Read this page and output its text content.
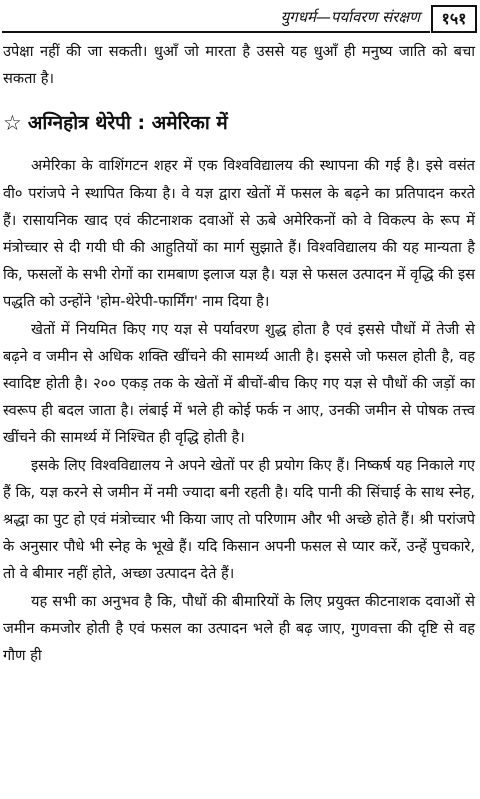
युगधर्म—पर्यावरण संरक्षण	१५१

उपेक्षा नहीं की जा सकती। धुआँ जो मारता है उससे यह धुआँ ही मनुष्य जाति को बचा सकता है।

☆ अग्निहोत्र थेरेपी : अमेरिका में

अमेरिका के वाशिंगटन शहर में एक विश्वविद्यालय की स्थापना की गई है। इसे वसंत वी० परांजपे ने स्थापित किया है। वे यज्ञ द्वारा खेतों में फसल के बढ़ने का प्रतिपादन करते हैं। रासायनिक खाद एवं कीटनाशक दवाओं से ऊबे अमेरिकनों को वे विकल्प के रूप में मंत्रोच्चार से दी गयी घी की आहुतियों का मार्ग सुझाते हैं। विश्वविद्यालय की यह मान्यता है कि, फसलों के सभी रोगों का रामबाण इलाज यज्ञ है। यज्ञ से फसल उत्पादन में वृद्धि की इस पद्धति को उन्होंने 'होम-थेरेपी-फार्मिंग' नाम दिया है।

खेतों में नियमित किए गए यज्ञ से पर्यावरण शुद्ध होता है एवं इससे पौधों में तेजी से बढ़ने व जमीन से अधिक शक्ति खींचने की सामर्थ्य आती है। इससे जो फसल होती है, वह स्वादिष्ट होती है। २०० एकड़ तक के खेतों में बीचों-बीच किए गए यज्ञ से पौधों की जड़ों का स्वरूप ही बदल जाता है। लंबाई में भले ही कोई फर्क न आए, उनकी जमीन से पोषक तत्त्व खींचने की सामर्थ्य में निश्चित ही वृद्धि होती है।

इसके लिए विश्वविद्यालय ने अपने खेतों पर ही प्रयोग किए हैं। निष्कर्ष यह निकाले गए हैं कि, यज्ञ करने से जमीन में नमी ज्यादा बनी रहती है। यदि पानी की सिंचाई के साथ स्नेह, श्रद्धा का पुट हो एवं मंत्रोच्चार भी किया जाए तो परिणाम और भी अच्छे होते हैं। श्री परांजपे के अनुसार पौधे भी स्नेह के भूखे हैं। यदि किसान अपनी फसल से प्यार करें, उन्हें पुचकारे, तो वे बीमार नहीं होते, अच्छा उत्पादन देते हैं।

यह सभी का अनुभव है कि, पौधों की बीमारियों के लिए प्रयुक्त कीटनाशक दवाओं से जमीन कमजोर होती है एवं फसल का उत्पादन भले ही बढ़ जाए, गुणवत्ता की दृष्टि से वह गौण ही
